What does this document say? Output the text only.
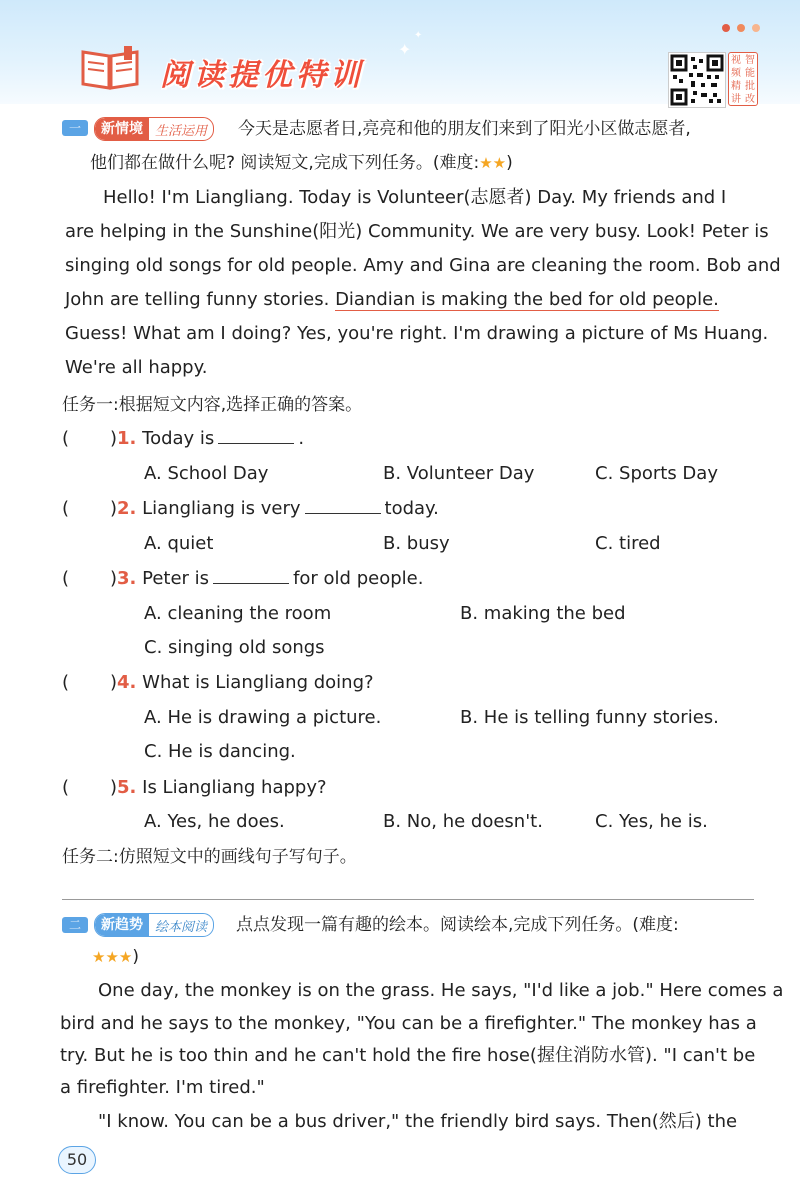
阅读提优特训
✦
✦
视 智
频 能
精 批
讲 改
一	新情境 生活运用	今天是志愿者日,亮亮和他的朋友们来到了阳光小区做志愿者,
他们都在做什么呢? 阅读短文,完成下列任务。(难度:★★)
Hello! I'm Liangliang. Today is Volunteer(志愿者) Day. My friends and I
are helping in the Sunshine(阳光) Community. We are very busy. Look! Peter is
singing old songs for old people. Amy and Gina are cleaning the room. Bob and
John are telling funny stories. Diandian is making the bed for old people.
Guess! What am I doing? Yes, you're right. I'm drawing a picture of Ms Huang.
We're all happy.
任务一:根据短文内容,选择正确的答案。
( )1. Today is	.
A. School Day	B. Volunteer Day	C. Sports Day
( )2. Liangliang is very	today.
A. quiet	B. busy	C. tired
( )3. Peter is	for old people.
A. cleaning the room	B. making the bed
C. singing old songs
( )4. What is Liangliang doing?
A. He is drawing a picture.	B. He is telling funny stories.
C. He is dancing.
( )5. Is Liangliang happy?
A. Yes, he does.	B. No, he doesn't.	C. Yes, he is.
任务二:仿照短文中的画线句子写句子。
二	新趋势 绘本阅读	点点发现一篇有趣的绘本。阅读绘本,完成下列任务。(难度:
★★★)
One day, the monkey is on the grass. He says, "I'd like a job." Here comes a
bird and he says to the monkey, "You can be a firefighter." The monkey has a
try. But he is too thin and he can't hold the fire hose(握住消防水管). "I can't be
a firefighter. I'm tired."
"I know. You can be a bus driver," the friendly bird says. Then(然后) the
50
